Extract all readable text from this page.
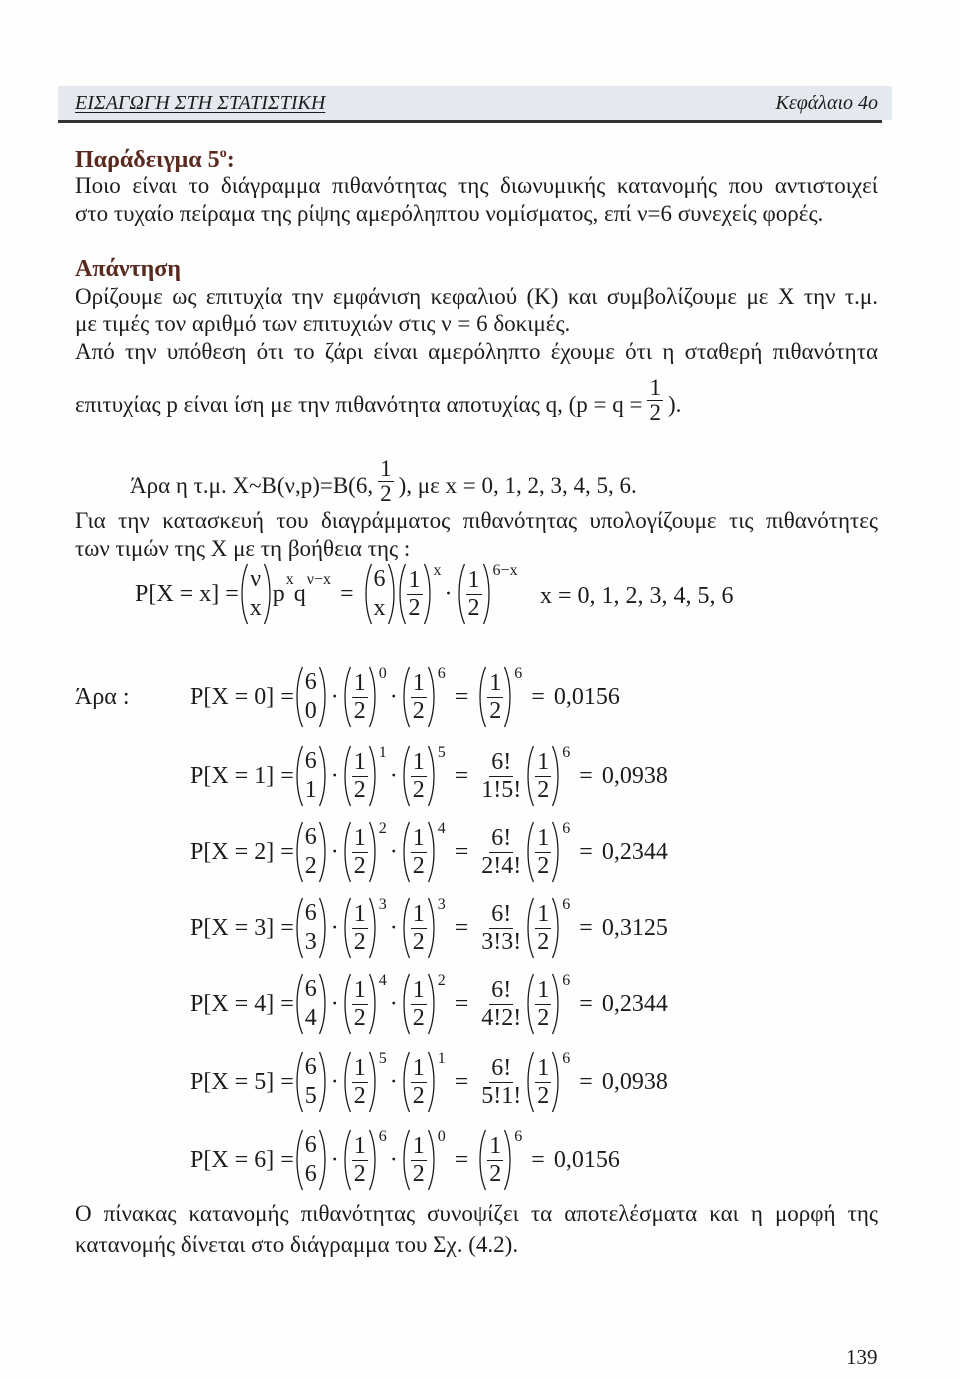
ΕΙΣΑΓΩΓΗ ΣΤΗ ΣΤΑΤΙΣΤΙΚΗ	Κεφάλαιο 4ο
Παράδειγμα $5^o$:
Ποιο είναι το διάγραμμα πιθανότητας της διωνυμικής κατανομής που αντιστοιχεί
στο τυχαίο πείραμα της ρίψης αμερόληπτου νομίσματος, επί ν=6 συνεχείς φορές.
Απάντηση
Ορίζουμε ως επιτυχία την εμφάνιση κεφαλιού (Κ) και συμβολίζουμε με X την τ.μ.
με τιμές τον αριθμό των επιτυχιών στις ν = 6 δοκιμές.
Από την υπόθεση ότι το ζάρι είναι αμερόληπτο έχουμε ότι η σταθερή πιθανότητα
επιτυχίας p είναι ίση με την πιθανότητα αποτυχίας q, ($p = q = \frac{1}{2}$ ).
Άρα η τ.μ. X~B(ν,p)=B(6, $\frac{1}{2}$ ), με x = 0, 1, 2, 3, 4, 5, 6.
Για την κατασκευή του διαγράμματος πιθανότητας υπολογίζουμε τις πιθανότητες
των τιμών της X με τη βοήθεια της :
x = 0, 1, 2, 3, 4, 5, 6
Άρα :
Ο πίνακας κατανομής πιθανότητας συνοψίζει τα αποτελέσματα και η μορφή της
κατανομής δίνεται στο διάγραμμα του Σχ. (4.2).
139
P[X = x] =
ν
x
p
x
q
ν−x
=
6
x $\frac{1}{2}$ x
· $\frac{1}{2} 6-x$
P[X = 0] =
6
0
· $\frac{1}{2} 0$
· $\frac{1}{2} 6$
= $\frac{1}{2} 6$
= 0,0156
P[X = 1] =
6
1
· $\frac{1}{2} 1$
· $\frac{1}{2} 5$
= $\frac{6!}{1!5!} \frac{1}{2} 6$
= 0,0938
P[X = 2] =
6
2
· $\frac{1}{2} 2$
· $\frac{1}{2} 4$
= $\frac{6!}{2!4!} \frac{1}{2} 6$
= 0,2344
P[X = 3] =
6
3
· $\frac{1}{2} 3$
· $\frac{1}{2} 3$
= $\frac{6!}{3!3!} \frac{1}{2} 6$
= 0,3125
P[X = 4] =
6
4
· $\frac{1}{2} 4$
· $\frac{1}{2} 2$
= $\frac{6!}{4!2!} \frac{1}{2} 6$
= 0,2344
P[X = 5] =
6
5
· $\frac{1}{2} 5$
· $\frac{1}{2} 1$
= $\frac{6!}{5!1!} \frac{1}{2} 6$
= 0,0938
P[X = 6] =
6
6
· $\frac{1}{2} 6$
· $\frac{1}{2} 0$
= $\frac{1}{2} 6$
= 0,0156
